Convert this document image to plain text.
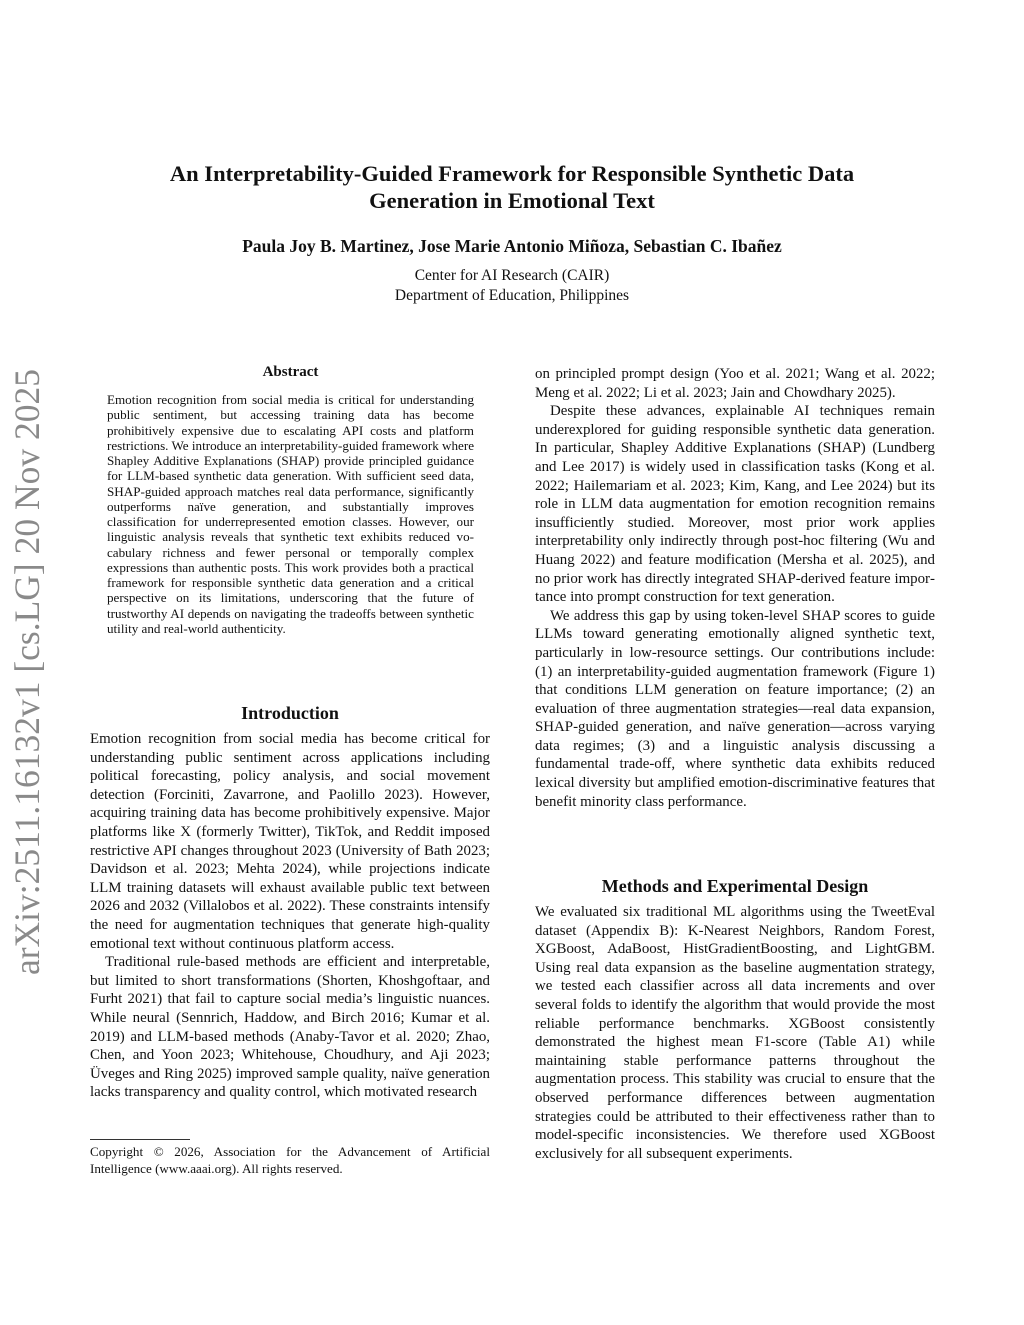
arXiv:2511.16132v1 [cs.LG] 20 Nov 2025
An Interpretability-Guided Framework for Responsible Synthetic Data
Generation in Emotional Text
Paula Joy B. Martinez, Jose Marie Antonio Miñoza, Sebastian C. Ibañez
Center for AI Research (CAIR)
Department of Education, Philippines
Abstract
Emotion recognition from social media is critical for understanding public sentiment, but accessing training data has become prohibitively expensive due to escalating API costs and platform restrictions. We introduce an interpretability-guided framework where Shapley Additive Explanations (SHAP) provide principled guidance for LLM-based synthetic data generation. With sufficient seed data, SHAP-guided approach matches real data performance, significantly outperforms naïve generation, and substantially improves classification for underrepresented emotion classes. However, our linguistic analysis reveals that synthetic text exhibits reduced vocabulary richness and fewer personal or temporally complex expressions than authentic posts. This work provides both a practical framework for responsible synthetic data generation and a critical perspective on its limitations, underscoring that the future of trustworthy AI depends on navigating the tradeoffs between synthetic utility and real-world authenticity.
Introduction

Emotion recognition from social media has become critical for understanding public sentiment across applications including political forecasting, policy analysis, and social movement detection (Forciniti, Zavarrone, and Paolillo 2023). However, acquiring training data has become prohibitively expensive. Major platforms like X (formerly Twitter), TikTok, and Reddit imposed restrictive API changes throughout 2023 (University of Bath 2023; Davidson et al. 2023; Mehta 2024), while projections indicate LLM training datasets will exhaust available public text between 2026 and 2032 (Villalobos et al. 2022). These constraints intensify the need for augmentation techniques that generate high-quality emotional text without continuous platform access.

Traditional rule-based methods are efficient and interpretable, but limited to short transformations (Shorten, Khoshgoftaar, and Furht 2021) that fail to capture social media’s linguistic nuances. While neural (Sennrich, Haddow, and Birch 2016; Kumar et al. 2019) and LLM-based methods (Anaby-Tavor et al. 2020; Zhao, Chen, and Yoon 2023; Whitehouse, Choudhury, and Aji 2023; Üveges and Ring 2025) improved sample quality, naïve generation lacks transparency and quality control, which motivated research

on principled prompt design (Yoo et al. 2021; Wang et al. 2022; Meng et al. 2022; Li et al. 2023; Jain and Chowdhary 2025).

Despite these advances, explainable AI techniques remain underexplored for guiding responsible synthetic data generation. In particular, Shapley Additive Explanations (SHAP) (Lundberg and Lee 2017) is widely used in classification tasks (Kong et al. 2022; Hailemariam et al. 2023; Kim, Kang, and Lee 2024) but its role in LLM data augmentation for emotion recognition remains insufficiently studied. Moreover, most prior work applies interpretability only indirectly through post-hoc filtering (Wu and Huang 2022) and feature modification (Mersha et al. 2025), and no prior work has directly integrated SHAP-derived feature importance into prompt construction for text generation.

We address this gap by using token-level SHAP scores to guide LLMs toward generating emotionally aligned synthetic text, particularly in low-resource settings. Our contributions include: (1) an interpretability-guided augmentation framework (Figure 1) that conditions LLM generation on feature importance; (2) an evaluation of three augmentation strategies—real data expansion, SHAP-guided generation, and naïve generation—across varying data regimes; (3) and a linguistic analysis discussing a fundamental trade-off, where synthetic data exhibits reduced lexical diversity but amplified emotion-discriminative features that benefit minority class performance.

Methods and Experimental Design

We evaluated six traditional ML algorithms using the TweetEval dataset (Appendix B): K-Nearest Neighbors, Random Forest, XGBoost, AdaBoost, HistGradientBoosting, and LightGBM. Using real data expansion as the baseline augmentation strategy, we tested each classifier across all data increments and over several folds to identify the algorithm that would provide the most reliable performance benchmarks. XGBoost consistently demonstrated the highest mean F1-score (Table A1) while maintaining stable performance patterns throughout the augmentation process. This stability was crucial to ensure that the observed performance differences between augmentation strategies could be attributed to their effectiveness rather than to model-specific inconsistencies. We therefore used XGBoost exclusively for all subsequent experiments.

Copyright © 2026, Association for the Advancement of Artificial Intelligence (www.aaai.org). All rights reserved.
